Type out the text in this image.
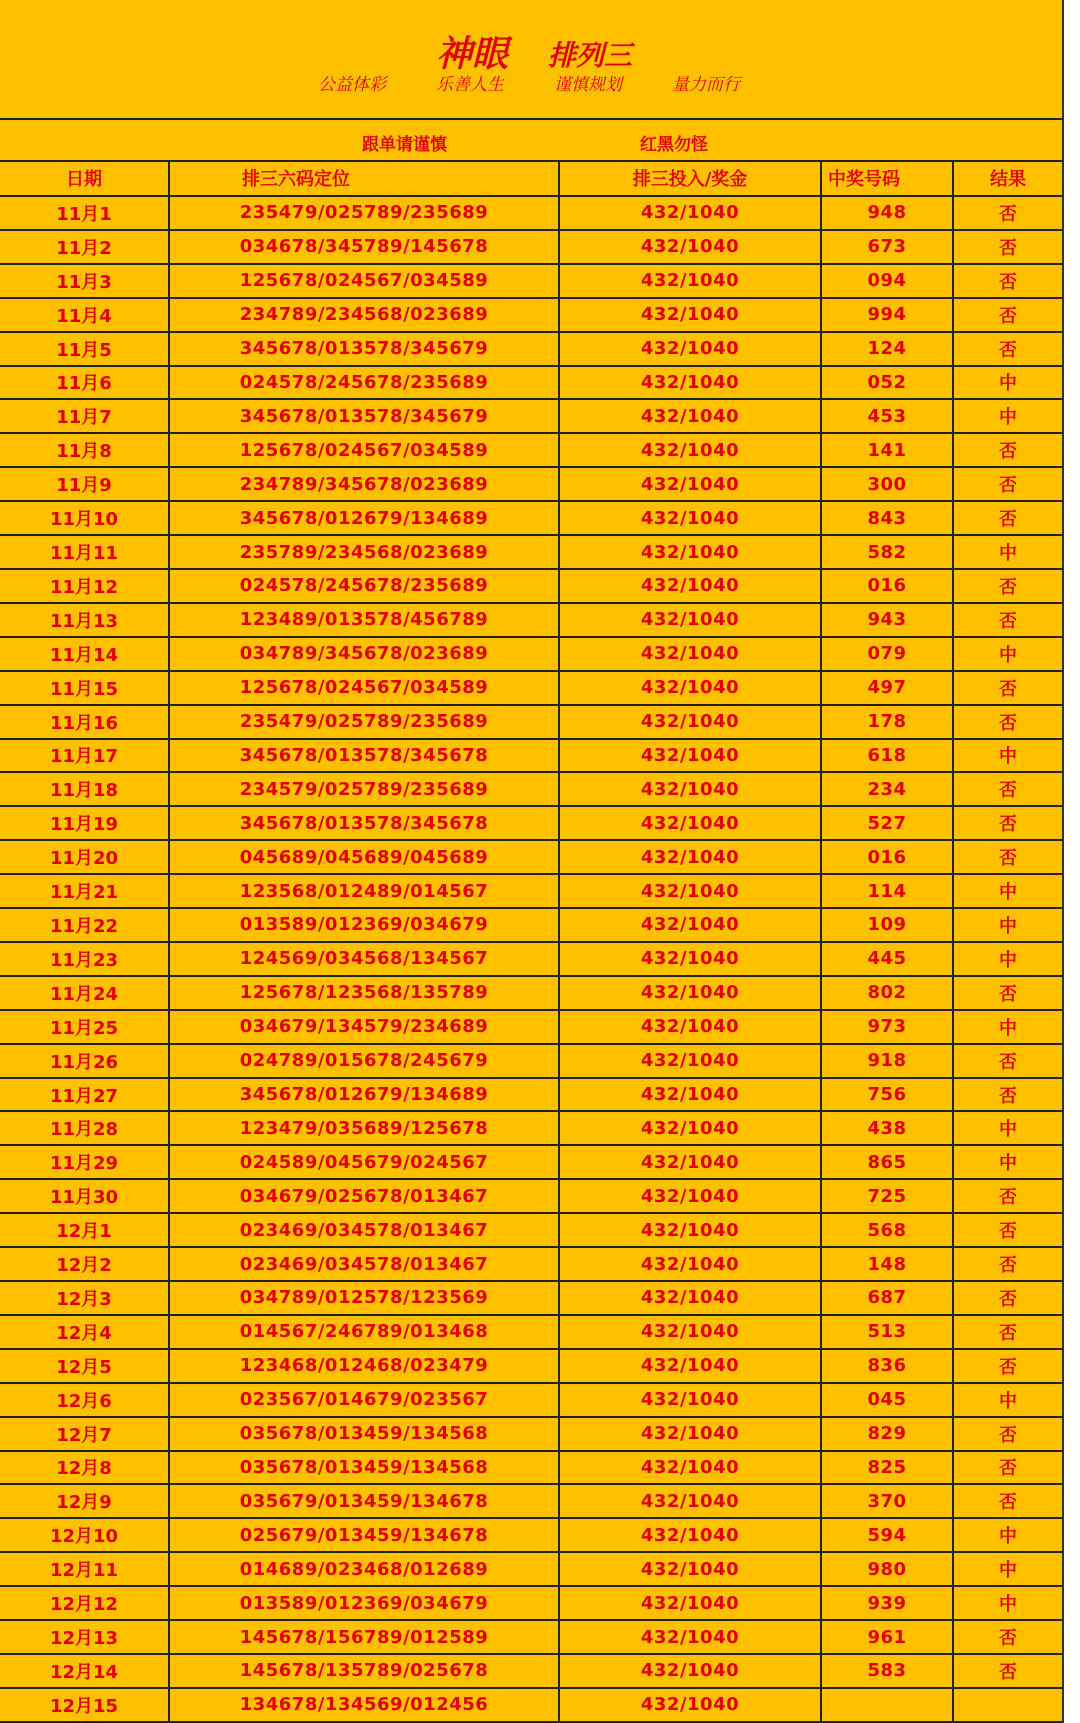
神眼 排列三
公益体彩	乐善人生	谨慎规划	量力而行
跟单请谨慎	红黑勿怪
日期	排三六码定位	排三投入/奖金	中奖号码	结果
11月1	235479/025789/235689	432/1040	948	否
11月2	034678/345789/145678	432/1040	673	否
11月3	125678/024567/034589	432/1040	094	否
11月4	234789/234568/023689	432/1040	994	否
11月5	345678/013578/345679	432/1040	124	否
11月6	024578/245678/235689	432/1040	052	中
11月7	345678/013578/345679	432/1040	453	中
11月8	125678/024567/034589	432/1040	141	否
11月9	234789/345678/023689	432/1040	300	否
11月10	345678/012679/134689	432/1040	843	否
11月11	235789/234568/023689	432/1040	582	中
11月12	024578/245678/235689	432/1040	016	否
11月13	123489/013578/456789	432/1040	943	否
11月14	034789/345678/023689	432/1040	079	中
11月15	125678/024567/034589	432/1040	497	否
11月16	235479/025789/235689	432/1040	178	否
11月17	345678/013578/345678	432/1040	618	中
11月18	234579/025789/235689	432/1040	234	否
11月19	345678/013578/345678	432/1040	527	否
11月20	045689/045689/045689	432/1040	016	否
11月21	123568/012489/014567	432/1040	114	中
11月22	013589/012369/034679	432/1040	109	中
11月23	124569/034568/134567	432/1040	445	中
11月24	125678/123568/135789	432/1040	802	否
11月25	034679/134579/234689	432/1040	973	中
11月26	024789/015678/245679	432/1040	918	否
11月27	345678/012679/134689	432/1040	756	否
11月28	123479/035689/125678	432/1040	438	中
11月29	024589/045679/024567	432/1040	865	中
11月30	034679/025678/013467	432/1040	725	否
12月1	023469/034578/013467	432/1040	568	否
12月2	023469/034578/013467	432/1040	148	否
12月3	034789/012578/123569	432/1040	687	否
12月4	014567/246789/013468	432/1040	513	否
12月5	123468/012468/023479	432/1040	836	否
12月6	023567/014679/023567	432/1040	045	中
12月7	035678/013459/134568	432/1040	829	否
12月8	035678/013459/134568	432/1040	825	否
12月9	035679/013459/134678	432/1040	370	否
12月10	025679/013459/134678	432/1040	594	中
12月11	014689/023468/012689	432/1040	980	中
12月12	013589/012369/034679	432/1040	939	中
12月13	145678/156789/012589	432/1040	961	否
12月14	145678/135789/025678	432/1040	583	否
12月15	134678/134569/012456	432/1040
